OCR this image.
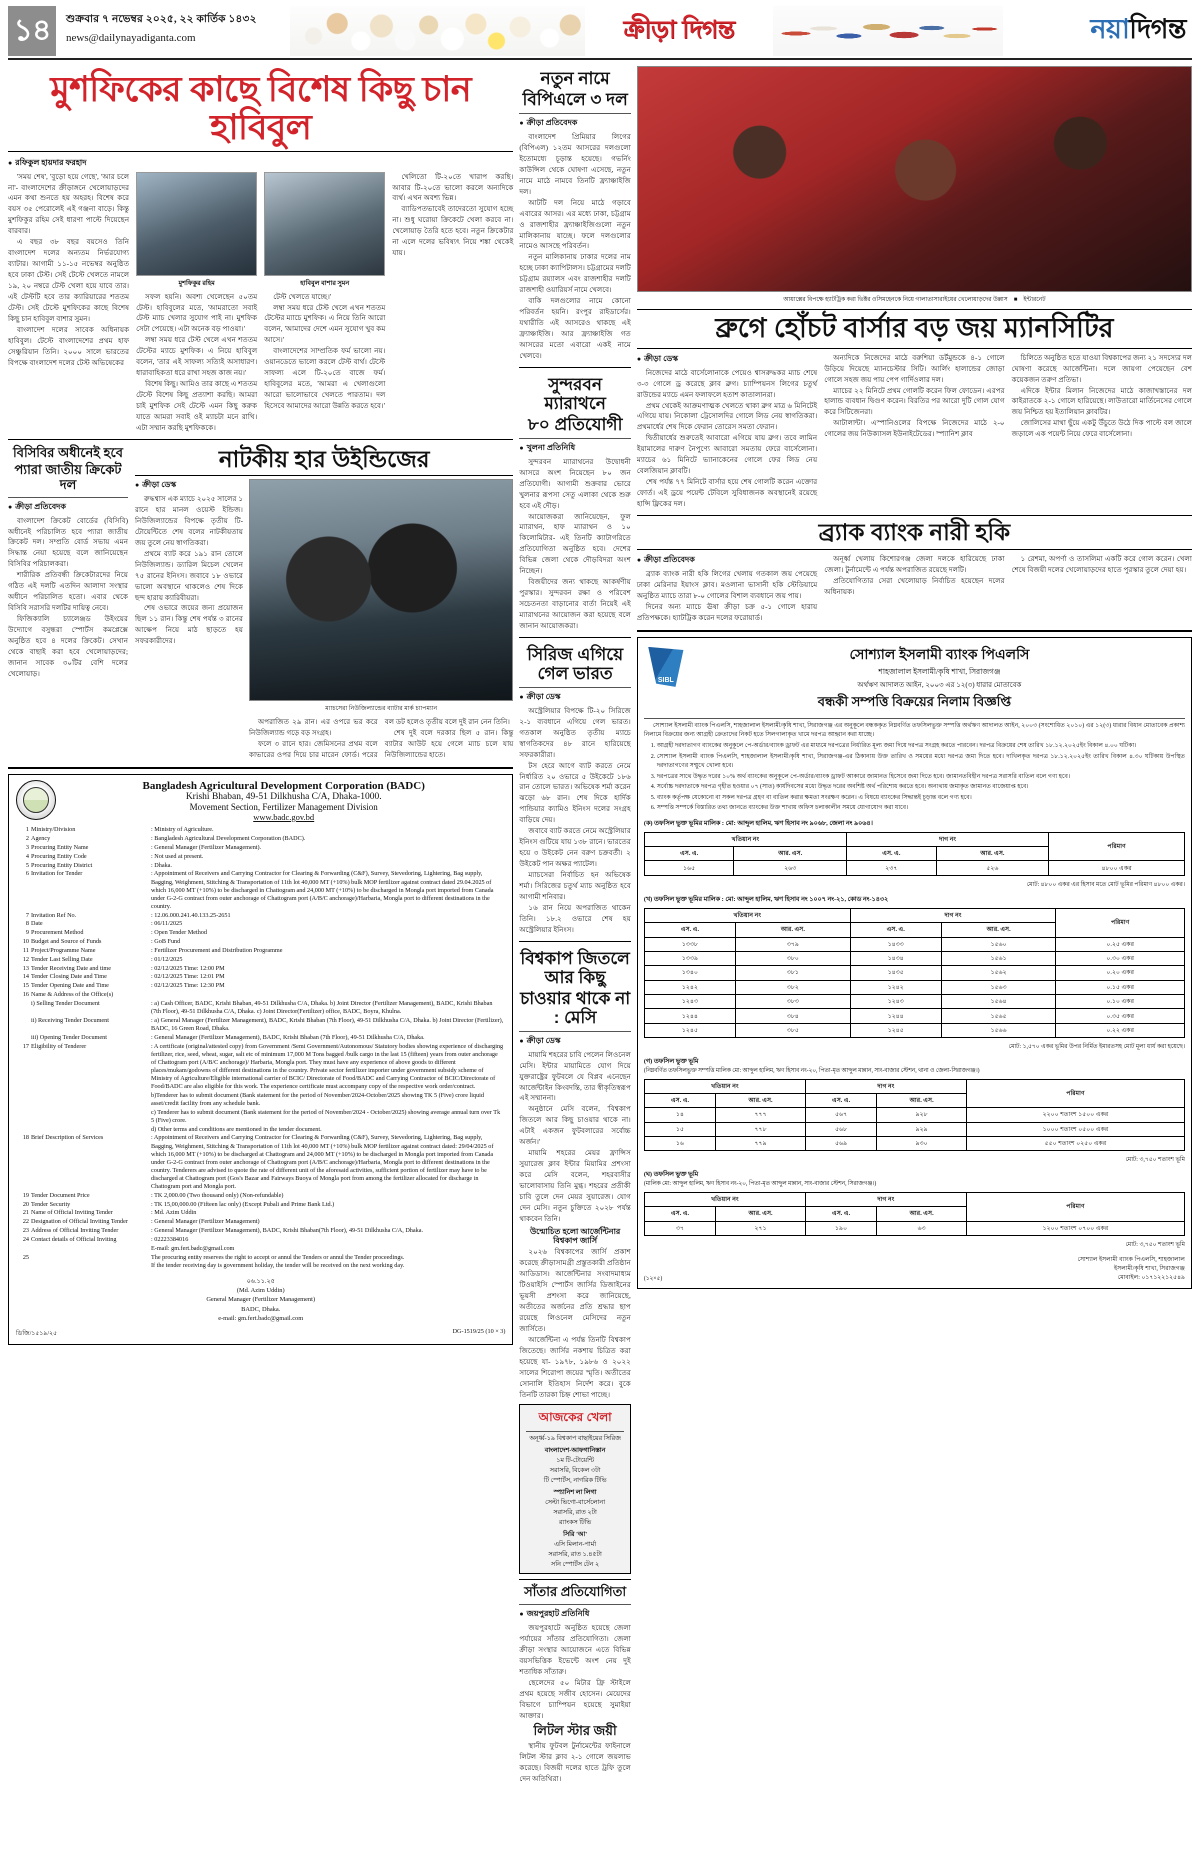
১৪	শুক্রবার ৭ নভেম্বর ২০২৫, ২২ কার্তিক ১৪৩২
news@dailynayadiganta.com	ক্রীড়া দিগন্ত	নয়া দিগন্ত
মুশফিকের কাছে বিশেষ কিছু চান হাবিবুল
● রফিকুল হায়দার ফরহাদ

'সময় শেষ', 'বুড়ো হয়ে গেছে', 'আর চলে না'- বাংলাদেশের ক্রীড়াঙ্গনে খেলোয়াড়দের এমন কথা শুনতে হয় অহরহ। বিশেষ করে বয়স ৩৫ পেরোলেই এই গঞ্জনা বাড়ে। কিন্তু মুশফিকুর রহিম সেই ধারণা পাল্টে দিয়েছেন বারবার।

এ বছর ৩৮ বছর বয়সেও তিনি বাংলাদেশ দলের অন্যতম নির্ভরযোগ্য ব্যাটার। আগামী ১১-১৫ নভেম্বর অনুষ্ঠিত হবে ঢাকা টেস্ট। সেই টেস্টে খেলতে নামলে ১৯, ২০ নম্বরে টেস্ট খেলা হয়ে যাবে তার। এই টেস্টটি হবে তার ক্যারিয়ারের শততম টেস্ট। সেই টেস্টে মুশফিকের কাছে বিশেষ কিছু চান হাবিবুল বাশার সুমন।

বাংলাদেশ দলের সাবেক অধিনায়ক হাবিবুল। টেস্টে বাংলাদেশের প্রথম হাফ সেঞ্চুরিয়ান তিনি। ২০০০ সালে ভারতের বিপক্ষে বাংলাদেশ দলের টেস্ট অভিষেকের

মুশফিকুর রহিম

সফল হয়নি। অবশ্য খেলেছেন ৫০তম টেস্ট। হাবিবুলের মতে, 'আমরাতো সবাই টেস্ট ম্যাচ খেলার সুযোগ পাই না। মুশফিক সেটা পেয়েছে। এটা অনেক বড় পাওয়া।'

লম্বা সময় ধরে টেস্ট খেলে এখন শততম টেস্টের ম্যাচে মুশফিক। এ নিয়ে হাবিবুল বলেন, 'তার এই সাফল্য সত্যিই অসাধারণ। ধারাবাহিকতা ধরে রাখা সহজ কাজ নয়।'

বিশেষ কিছু। আমিও তার কাছে এ শততম টেস্টে বিশেষ কিছু প্রত্যাশা করছি। আমরা চাই মুশফিক সেই টেস্টে এমন কিছু করুক যাতে আমরা সবাই ওই ম্যাচটা মনে রাখি। এটা সম্মান করছি মুশফিককে।

হাবিবুল বাশার সুমন

টেস্ট খেলতে যাচ্ছে।'

লম্বা সময় ধরে টেস্ট খেলে এখন শততম টেস্টের ম্যাচে মুশফিক। এ নিয়ে তিনি আরো বলেন, 'আমাদের দেশে এমন সুযোগ খুব কম আসে।'

বাংলাদেশের সাম্প্রতিক ফর্ম ভালো নয়। ওয়ানডেতে ভালো করলে টেস্ট বার্থ। টেস্টে সাফল্য এলে টি-২০তে বাজে ফর্ম। হাবিবুলের মতে, 'আমরা এ খেলাগুলো আরো ভালোভাবে খেলতে পারতাম। দল হিসেবে আমাদের আরো উন্নতি করতে হবে।'

খেলিতো টি-২০তে খারাপ করছি। আবার টি-২০তে ভালো করলে অন্যদিকে ব্যর্থ। এখন অবশ্য ভিন্ন।

ব্যাডিপতভাবেই তাদেরতো সুযোগ হচ্ছে না। শুধু ঘরোয়া ক্রিকেটে খেলা করবে না। খেলোয়াড় তৈরি হতে হবে। নতুন ক্রিকেটার না এলে দলের ভবিষ্যৎ নিয়ে শঙ্কা থেকেই যায়।

বিসিবির অধীনেই হবে
প্যারা জাতীয় ক্রিকেট দল
● ক্রীড়া প্রতিবেদক

বাংলাদেশ ক্রিকেট বোর্ডের (বিসিবি) অধীনেই পরিচালিত হবে প্যারা জাতীয় ক্রিকেট দল। সম্প্রতি বোর্ড সভায় এমন সিদ্ধান্ত নেয়া হয়েছে বলে জানিয়েছেন বিসিবির পরিচালকরা।

শারীরিক প্রতিবন্ধী ক্রিকেটারদের নিয়ে গঠিত এই দলটি এতদিন আলাদা সংস্থার অধীনে পরিচালিত হতো। এবার থেকে বিসিবি সরাসরি দলটির দায়িত্ব নেবে।

ফিজিক্যালি চ্যালেঞ্জড উইংয়ের উদ্যোগে বসুন্ধরা স্পোর্টস কমপ্লেক্সে অনুষ্ঠিত হবে ৪ দলের ক্রিকেট। সেখান থেকে বাছাই করা হবে খেলোয়াড়দের; জানান সাবেক ৩০টির বেশি দলের খেলোয়াড়।

নাটকীয় হার উইন্ডিজের
● ক্রীড়া ডেস্ক

রুদ্ধশ্বাস এক ম্যাচে ২০২৫ সালের ১ রানে হার মানল ওয়েস্ট ইন্ডিজ। নিউজিল্যান্ডের বিপক্ষে তৃতীয় টি-টোয়েন্টিতে শেষ বলের নাটকীয়তায় জয় তুলে নেয় স্বাগতিকরা।

প্রথমে ব্যাট করে ১৯১ রান তোলে নিউজিল্যান্ড। ড্যারিল মিচেল খেলেন ৭৫ রানের ইনিংস। জবাবে ১৮ ওভারে ভালো অবস্থানে থাকলেও শেষ দিকে ছন্দ হারায় ক্যারিবীয়রা।

শেষ ওভারে জয়ের জন্য প্রয়োজন ছিল ১১ রান। কিন্তু শেষ পর্যন্ত ৩ রানের আক্ষেপ নিয়ে মাঠ ছাড়তে হয় সফরকারীদের।

ম্যাচসেরা নিউজিল্যান্ডের ব্যাটার মার্ক চ্যাপম্যান

অপরাজিত ২৯ রান। এর ওপরে ভর করে নিউজিল্যান্ড গড়ে বড় সংগ্রহ।

ফলে ৩ রানে হার। জেমিসনের প্রথম বলে কাভারের ওপর দিয়ে চার মারেন ফোর্ড। পরের বল ডট হলেও তৃতীয় বলে দুই রান নেন তিনি।

শেষ দুই বলে দরকার ছিল ৫ রান। কিন্তু ব্যাটার আউট হয়ে গেলে ম্যাচ চলে যায় নিউজিল্যান্ডের হাতে।

Bangladesh Agricultural Development Corporation (BADC)
Krishi Bhaban, 49-51 Dilkhusha C/A, Dhaka-1000.
Movement Section, Fertilizer Management Division
www.badc.gov.bd
1	Ministry/Division	: Ministry of Agriculture.
2	Agency	: Bangladesh Agricultural Development Corporation (BADC).
3	Procuring Entity Name	: General Manager (Fertilizer Management).
4	Procuring Entity Code	: Not used at present.
5	Procuring Entity District	: Dhaka.
6	Invitation for Tender	: Appointment of Receivers and Carrying Contractor for Clearing & Forwarding (C&F), Survey, Stevedoring, Lightering, Bag supply, Bagging, Weighment, Stitching & Transportation of 11th lot 40,000 MT (+10%) bulk MOP fertilizer against contract dated 29.04.2025 of which 16,000 MT (+10%) to be discharged in Chattogram and 24,000 MT (+10%) to be discharged in Mongla port imported from Canada under G-2-G contract from outer anchorage of Chattogram port (A/B/C anchorage)/Harbaria, Mongla port to different destinations in the country.
7	Invitation Ref No.	: 12.06.000.241.40.133.25-2651
8	Date	: 06/11/2025
9	Procurement Method	: Open Tender Method
10	Budget and Source of Funds	: GoB Fund
11	Project/Programme Name	: Fertilizer Procurement and Distribution Programme
12	Tender Last Selling Date	: 01/12/2025
13	Tender Receiving Date and time	: 02/12/2025 Time: 12:00 PM
14	Tender Closing Date and Time	: 02/12/2025 Time: 12:01 PM
15	Tender Opening Date and Time	: 02/12/2025 Time: 12:30 PM
16	Name & Address of the Office(s)	
	i) Selling Tender Document	: a) Cash Officer, BADC, Krishi Bhaban, 49-51 Dilkhusha C/A, Dhaka. b) Joint Director (Fertilizer Management), BADC, Krishi Bhaban (7th Floor), 49-51 Dilkhusha C/A, Dhaka. c) Joint Director(Fertilizer) office, BADC, Boyra, Khulna.
	ii) Receiving Tender Document	: a) General Manager (Fertilizer Management), BADC, Krishi Bhaban (7th Floor), 49-51 Dilkhusha C/A, Dhaka. b) Joint Director (Fertilizer), BADC, 16 Green Road, Dhaka.
	iii) Opening Tender Document	: General Manager (Fertilizer Management), BADC, Krishi Bhaban (7th Floor), 49-51 Dilkhusha C/A, Dhaka.
17	Eligibility of Tenderer	: A certificate (original/attested copy) from Government /Semi Government/Autonomous/ Statutory bodies showing experience of discharging fertilizer, rice, seed, wheat, sugar, salt etc of minimum 17,000 M Tons bagged /bulk cargo in the last 15 (fifteen) years from outer anchorage of Chattogram port (A/B/C anchorage)/ Harbaria, Mongla port. They must have any experience of above goods to different places/mukam/godowns of different destinations in the country. Private sector fertilizer importer under government subsidy scheme of Ministry of Agriculture/Eligible international carrier of BCIC/ Directorate of Food/BADC and Carrying Contractor of BCIC/Directorate of Food/BADC are also eligible for this work. The experience certificate must accompany copy of the respective work order/contract.
		b)Tenderer has to submit document (Bank statement for the period of November/2024-October/2025 showing TK 5 (Five) crore liquid asset/credit facility from any schedule bank.
		c) Tenderer has to submit document (Bank statement for the period of November/2024 - October/2025) showing average annual turn over Tk 5 (Five) crore.
		d) Other terms and conditions are mentioned in the tender document.
18	Brief Description of Services	: Appointment of Receivers and Carrying Contractor for Clearing & Forwarding (C&F), Survey, Stevedoring, Lightering, Bag supply, Bagging, Weighment, Stitching & Transportation of 11th lot 40,000 MT (+10%) bulk MOP fertilizer against contract dated: 29/04/2025 of which 16,000 MT (+10%) to be discharged at Chattogram and 24,000 MT (+10%) to be discharged in Mongla port imported from Canada under G-2-G contract from outer anchorage of Chattogram port (A/B/C anchorage)/Harbaria, Mongla port to different destinations in the country. Tenderers are advised to quote the rate of different unit of the aforesaid activities, sufficient portion of fertilizer may have to be discharged at Chattogram port (Gos's Bazar and Fairways Buoya of Mongla port from among the fertilizer allocated for discharge in Chattogram port and Mongla port.
19	Tender Document Price	: TK 2,000.00 (Two thousand only) (Non-refundable)
20	Tender Security	: TK 15,00,000.00 (Fifteen lac only) (Except Pubali and Prime Bank Ltd.)
21	Name of Official Inviting Tender	: Md. Azim Uddin
22	Designation of Official Inviting Tender	: General Manager (Fertilizer Management)
23	Address of Official Inviting Tender	: General Manager (Fertilizer Management), BADC, Krishi Bhaban(7th Floor), 49-51 Dilkhusha C/A, Dhaka.
24	Contact details of Official Inviting	: 02223384016
		E-mail: gm.fert.badc@gmail.com
25		The procuring entity reserves the right to accept or annul the Tenders or annul the Tender proceedings.
		If the tender receiving day is government holiday, the tender will be received on the next working day.
০৬.১১.২৫
(Md. Azim Uddin)
General Manager (Fertilizer Management)
BADC, Dhaka.
e-mail: gm.fert.badc@gmail.com
ডিজি/১৫১৯/২৫	DG-1519/25 (10 × 3)
নতুন নামে
বিপিএলে ৩ দল
● ক্রীড়া প্রতিবেদক

বাংলাদেশ প্রিমিয়ার লিগের (বিপিএল) ১২তম আসরের দলগুলো ইতোমধ্যে চূড়ান্ত হয়েছে। গভর্নিং কাউন্সিল থেকে ঘোষণা এসেছে, নতুন নামে মাঠে নামবে তিনটি ফ্র্যাঞ্চাইজি দল।

আটটি দল নিয়ে মাঠে গড়াবে এবারের আসর। এর মধ্যে ঢাকা, চট্টগ্রাম ও রাজশাহীর ফ্র্যাঞ্চাইজিগুলো নতুন মালিকানায় যাচ্ছে। ফলে দলগুলোর নামেও আসছে পরিবর্তন।

নতুন মালিকানায় ঢাকার দলের নাম হচ্ছে ঢাকা ক্যাপিটালস। চট্টগ্রামের দলটি চট্টগ্রাম রয়্যালস এবং রাজশাহীর দলটি রাজশাহী ওয়ারিয়র্স নামে খেলবে।

বাকি দলগুলোর নামে কোনো পরিবর্তন হয়নি। রংপুর রাইডার্সের। যথারীতি এই আসরেও থাকছে এই ফ্র্যাঞ্চাইজি। আর ফ্র্যাঞ্চাইজি গত আসরের মতো এবারো একই নামে খেলবে।

সুন্দরবন ম্যারাথনে
৮০ প্রতিযোগী
● খুলনা প্রতিনিধি

সুন্দরবন ম্যারাথনের উদ্বোধনী আসরে অংশ নিয়েছেন ৮০ জন প্রতিযোগী। আগামী শুক্রবার ভোরে খুলনার রূপসা সেতু এলাকা থেকে শুরু হবে এই দৌড়।

আয়োজকরা জানিয়েছেন, ফুল ম্যারাথন, হাফ ম্যারাথন ও ১০ কিলোমিটার- এই তিনটি ক্যাটাগরিতে প্রতিযোগিতা অনুষ্ঠিত হবে। দেশের বিভিন্ন জেলা থেকে দৌড়বিদরা অংশ নিচ্ছেন।

বিজয়ীদের জন্য থাকছে আকর্ষণীয় পুরস্কার। সুন্দরবন রক্ষা ও পরিবেশ সচেতনতা বাড়ানোর বার্তা নিয়েই এই ম্যারাথনের আয়োজন করা হয়েছে বলে জানান আয়োজকরা।

সিরিজ এগিয়ে গেল ভারত
● ক্রীড়া ডেস্ক

অস্ট্রেলিয়ার বিপক্ষে টি-২০ সিরিজে ২-১ ব্যবধানে এগিয়ে গেল ভারত। গতকাল অনুষ্ঠিত তৃতীয় ম্যাচে স্বাগতিকদের ৪৮ রানে হারিয়েছে সফরকারীরা।

টস হেরে আগে ব্যাট করতে নেমে নির্ধারিত ২০ ওভারে ৫ উইকেটে ১৮৬ রান তোলে ভারত। অভিষেক শর্মা করেন ঝড়ো ৬৮ রান। শেষ দিকে হার্দিক পান্ডিয়ার ক্যামিও ইনিংস দলের সংগ্রহ বাড়িয়ে দেয়।

জবাবে ব্যাট করতে নেমে অস্ট্রেলিয়ার ইনিংস গুটিয়ে যায় ১৩৮ রানে। ভারতের হয়ে ৩ উইকেট নেন বরুণ চক্রবর্তী। ২ উইকেট পান অক্ষর প্যাটেল।

ম্যাচসেরা নির্বাচিত হন অভিষেক শর্মা। সিরিজের চতুর্থ ম্যাচ অনুষ্ঠিত হবে আগামী শনিবার।

১৬ রান নিয়ে অপরাজিত থাকেন তিনি। ১৮.২ ওভারে শেষ হয় অস্ট্রেলিয়ার ইনিংস।

বিশ্বকাপ জিতলে আর কিছু
চাওয়ার থাকে না : মেসি
● ক্রীড়া ডেস্ক

মায়ামি শহরের চাবি পেলেন লিওনেল মেসি। ইন্টার মায়ামিতে যোগ দিয়ে যুক্তরাষ্ট্রের ফুটবলে যে বিপ্লব এনেছেন আর্জেন্টাইন কিংবদন্তি, তার স্বীকৃতিস্বরূপ এই সম্মাননা।

অনুষ্ঠানে মেসি বলেন, 'বিশ্বকাপ জিতলে আর কিছু চাওয়ার থাকে না। এটাই একজন ফুটবলারের সর্বোচ্চ অর্জন।'

মায়ামি শহরের মেয়র ফ্রান্সিস সুয়ারেজ ক্লাব ইন্টার মিয়ামির প্রশংসা করে মেসি বলেন, শহরবাসীর ভালোবাসায় তিনি মুগ্ধ। শহরের প্রতীকী চাবি তুলে দেন মেয়র সুয়ারেজ। যোগ দেন মেসি। নতুন চুক্তিতে ২০২৮ পর্যন্ত থাকবেন তিনি।

উন্মোচিত হলো আর্জেন্টিনার বিশ্বকাপ জার্সি

২০২৬ বিশ্বকাপের জার্সি প্রকাশ করেছে ক্রীড়াসামগ্রী প্রস্তুতকারী প্রতিষ্ঠান আডিডাস। আর্জেন্টিনার সংবাদমাধ্যম টিওয়াইসি স্পোর্টস জার্সির ডিজাইনের ভূয়সী প্রশংসা করে জানিয়েছে, অতীতের অর্জনের প্রতি শ্রদ্ধার ছাপ রয়েছে লিওনেল মেসিদের নতুন জার্সিতে।

আর্জেন্টিনা এ পর্যন্ত তিনটি বিশ্বকাপ জিতেছে। জার্সির নকশায় চিত্রিত করা হয়েছে যা- ১৯৭৮, ১৯৮৬ ও ২০২২ সালের শিরোপা জয়ের স্মৃতি। অতীতের সোনালি ইতিহাস নির্দেশ করে। বুকে তিনটি তারকা চিহ্ন শোভা পাচ্ছে।

আজকের খেলা
অনূর্ধ্ব-১৯ বিশ্বকাপ বাছাইয়ের সিরিজ
বাংলাদেশ-আফগানিস্তান
১ম টি-টোয়েন্টি
সরাসরি, বিকেল ৩টা
টি স্পোর্টস, নাগরিক টিভি
স্প্যানিশ লা লিগা
সেল্টা ভিগো-বার্সেলোনা
সরাসরি, রাত ২টা
র‍্যাংকস টিভি
সিরি 'আ'
এসি মিলান-পার্মা
সরাসরি, রাত ১.৪৫টা
সনি স্পোর্টস টেন ২
সাঁতার প্রতিযোগিতা
● জয়পুরহাট প্রতিনিধি

জয়পুরহাটে অনুষ্ঠিত হয়েছে জেলা পর্যায়ের সাঁতার প্রতিযোগিতা। জেলা ক্রীড়া সংস্থার আয়োজনে এতে বিভিন্ন বয়সভিত্তিক ইভেন্টে অংশ নেয় দুই শতাধিক সাঁতারু।

ছেলেদের ৫০ মিটার ফ্রি স্টাইলে প্রথম হয়েছে সজীব হোসেন। মেয়েদের বিভাগে চ্যাম্পিয়ন হয়েছে সুমাইয়া আক্তার।

লিটল স্টার জয়ী

স্থানীয় ফুটবল টুর্নামেন্টের ফাইনালে লিটল স্টার ক্লাব ২-১ গোলে জয়লাভ করেছে। বিজয়ী দলের হাতে ট্রফি তুলে দেন অতিথিরা।

আয়াক্সের বিপক্ষে হ্যাটট্রিক করা ভিক্টর ওসিমহেনকে নিয়ে গালাতাসারাইয়ের খেলোয়াড়দের উল্লাস ■ ইন্টারনেট
ব্রুগে হোঁচট বার্সার বড় জয় ম্যানসিটির
● ক্রীড়া ডেস্ক

নিজেদের মাঠে বার্সেলোনাকে পেয়েও শ্বাসরুদ্ধকর ম্যাচ শেষে ৩-৩ গোলে ড্র করেছে ক্লাব ব্রুগ। চ্যাম্পিয়নস লিগের চতুর্থ রাউন্ডের ম্যাচে এমন ফলাফলে হতাশ কাতালানরা।

প্রথম থেকেই আক্রমণাত্মক খেলতে থাকা ব্রুগ মাত্র ৬ মিনিটেই এগিয়ে যায়। নিকোলা ট্রেসোলদির গোলে লিড নেয় স্বাগতিকরা। প্রথমার্ধের শেষ দিকে ফেরান তোরেস সমতা ফেরান।

দ্বিতীয়ার্ধের শুরুতেই আবারো এগিয়ে যায় ব্রুগ। তবে লামিন ইয়ামালের দারুণ নৈপুণ্যে আবারো সমতায় ফেরে বার্সেলোনা। ম্যাচের ৬১ মিনিটে ভ্যানাকেনের গোলে ফের লিড নেয় বেলজিয়ান ক্লাবটি।

শেষ পর্যন্ত ৭৭ মিনিটে বার্সার হয়ে শেষ গোলটি করেন এক্তোর ফোর্ত। এই ড্রয়ে পয়েন্ট টেবিলে সুবিধাজনক অবস্থানেই রয়েছে হান্সি ফ্লিকের দল।

অন্যদিকে নিজেদের মাঠে বরুশিয়া ডর্টমুন্ডকে ৪-১ গোলে উড়িয়ে দিয়েছে ম্যানচেস্টার সিটি। আর্লিং হালান্ডের জোড়া গোলে সহজ জয় পায় পেপ গার্দিওলার দল।

ম্যাচের ২২ মিনিটে প্রথম গোলটি করেন ফিল ফোডেন। এরপর হালান্ড ব্যবধান দ্বিগুণ করেন। বিরতির পর আরো দুটি গোল যোগ করে সিটিজেনরা।

আটালান্টা। এস্পানিওলের বিপক্ষে নিজেদের মাঠে ২-০ গোলের জয় নিউক্যাসল ইউনাইটেডের। স্প্যানিশ ক্লাব

চিলিতে অনুষ্ঠিত হতে যাওয়া বিশ্বকাপের জন্য ২১ সদস্যের দল ঘোষণা করেছে আর্জেন্টিনা। দলে জায়গা পেয়েছেন বেশ কয়েকজন তরুণ প্রতিভা।

এদিকে ইন্টার মিলান নিজেদের মাঠে কাজাখস্তানের দল কাইরাতকে ২-১ গোলে হারিয়েছে। লাউতারো মার্তিনেসের গোলে জয় নিশ্চিত হয় ইতালিয়ান ক্লাবটির।

জোলিসের মাথা ছুঁয়ে একটু উঁচুতে উঠে দিক পাল্টে বল জালে জড়ালে এক পয়েন্ট নিয়ে ফেরে বার্সেলোনা।

ব্র্যাক ব্যাংক নারী হকি
● ক্রীড়া প্রতিবেদক

ব্র্যাক ব্যাংক নারী হকি লিগের খেলায় গতকাল জয় পেয়েছে ঢাকা মেরিনার ইয়াংস ক্লাব। মওলানা ভাসানী হকি স্টেডিয়ামে অনুষ্ঠিত ম্যাচে তারা ৮-০ গোলের বিশাল ব্যবধানে জয় পায়।

দিনের অন্য ম্যাচে ঊষা ক্রীড়া চক্র ৫-১ গোলে হারায় প্রতিপক্ষকে। হ্যাটট্রিক করেন দলের ফরোয়ার্ড।

অনূর্ধ্ব খেলায় কিশোরগঞ্জ জেলা দলকে হারিয়েছে ঢাকা জেলা। টুর্নামেন্টে এ পর্যন্ত অপরাজিত রয়েছে দলটি।

প্রতিযোগিতার সেরা খেলোয়াড় নির্বাচিত হয়েছেন দলের অধিনায়ক।

১ রেশমা, অপর্ণা ও তাসলিমা একটি করে গোল করেন। খেলা শেষে বিজয়ী দলের খেলোয়াড়দের হাতে পুরস্কার তুলে দেয়া হয়।

SIBL
সোশ্যাল ইসলামী ব্যাংক পিএলসি
শাহজালাল ইসলামী/কৃষি শাখা, সিরাজগঞ্জ
অর্থঋণ আদালত আইন, ২০০৩ এর ১২(৩) ধারার মোতাবেক
বন্ধকী সম্পত্তি বিক্রয়ের নিলাম বিজ্ঞপ্তি

সোশ্যাল ইসলামী ব্যাংক পিএলসি, শাহজালাল ইসলামী/কৃষি শাখা, সিরাজগঞ্জ এর অনুকূলে বন্ধককৃত নিম্নবর্ণিত তফসিলভুক্ত সম্পত্তি অর্থঋণ আদালত আইন, ২০০৩ (সংশোধিত ২০১০) এর ১২(৩) ধারার বিধান মোতাবেক প্রকাশ্য নিলামে বিক্রয়ের জন্য আগ্রহী ক্রেতাদের নিকট হতে সিলগালাকৃত খামে দরপত্র আহ্বান করা যাচ্ছে।

1. আগ্রহী দরদাতাগণ ব্যাংকের অনুকূলে পে-অর্ডার/ব্যাংক ড্রাফট এর মাধ্যমে দরপত্রের নির্ধারিত মূল্য জমা দিয়ে দরপত্র সংগ্রহ করতে পারবেন। দরপত্র বিক্রয়ের শেষ তারিখ ১৮.১২.২০২৫ইং বিকাল ৪.০০ ঘটিকা।
2. সোশ্যাল ইসলামী ব্যাংক পিএলসি, শাহজালাল ইসলামী/কৃষি শাখা, সিরাজগঞ্জ-এর ঠিকানায় উক্ত তারিখ ও সময়ের মধ্যে দরপত্র জমা দিতে হবে। দাখিলকৃত দরপত্র ১৮.১২.২০২৫ইং তারিখ বিকাল ৪.৩০ ঘটিকায় উপস্থিত দরদাতাগণের সম্মুখে খোলা হবে।
3. দরপত্রের সাথে উদ্ধৃত দরের ১০% অর্থ ব্যাংকের অনুকূলে পে-অর্ডার/ব্যাংক ড্রাফট আকারে জামানত হিসেবে জমা দিতে হবে। জামানতবিহীন দরপত্র সরাসরি বাতিল বলে গণ্য হবে।
4. সর্বোচ্চ দরদাতাকে দরপত্র গৃহীত হওয়ার ০৭ (সাত) কার্যদিবসের মধ্যে উদ্ধৃত দরের অবশিষ্ট অর্থ পরিশোধ করতে হবে। অন্যথায় জমাকৃত জামানত বাজেয়াপ্ত হবে।
5. ব্যাংক কর্তৃপক্ষ যেকোনো বা সকল দরপত্র গ্রহণ বা বাতিল করার ক্ষমতা সংরক্ষণ করেন। এ বিষয়ে ব্যাংকের সিদ্ধান্তই চূড়ান্ত বলে গণ্য হবে।
6. সম্পত্তি সম্পর্কে বিস্তারিত তথ্য জানতে ব্যাংকের উক্ত শাখায় অফিস চলাকালীন সময়ে যোগাযোগ করা যাবে।
(ক) তফসিল ভুক্ত ভূমির মালিক : মো: আব্দুল হালিম, ঋণ হিসাব নং ৯০৬৮, জেলা নং ৯০৬৪।
খতিয়ান নং		দাগ নং		পরিমাণ
এস. এ.	আর. এস.	এস. এ.	আর. এস.	
১৬৫	২৬৩	২৩৭	৫২৬	৪৮০০ একর
মোট: ৪৮০০ একর এর হিসাব মতে মোট ভূমির পরিমাণ ৪৮০০ একর।
(খ) তফসিল ভুক্ত ভূমির মালিক : মো: আব্দুল হালিম, ঋণ হিসাব নং ১০০৭ নং-২১, কোড নং-১৪৩২
খতিয়ান নং		দাগ নং		পরিমাণ
এস. এ.	আর. এস.	এস. এ.	আর. এস.	
১৩৩৮	৩৭৯	১৪৩৩	১৫৬০	০.২৫ একর
১৩৩৯	৩৮০	১৪৩৪	১৫৬১	০.৩০ একর
১৩৪০	৩৮১	১৪৩৫	১৫৬২	০.২০ একর
১২৪২	৩৮২	১২৪২	১৫৬৩	০.১৫ একর
১২৪৩	৩৮৩	১২৪৩	১৫৬৪	০.১০ একর
১২৪৪	৩৮৪	১২৪৪	১৫৬৫	০.৩৫ একর
১২৪৫	৩৮৫	১২৪৫	১৫৬৬	০.২২ একর
মোট: ১,৫৭০ একর ভূমির উপর নির্মিত ইমারতসহ মোট মূল্য ধার্য করা হয়েছে।
(গ) তফসিল ভুক্ত ভূমি
(নিম্নবর্ণিত তফসিলভুক্ত সম্পত্তি মালিক মো: আব্দুল হালিম, ঋণ হিসাব নং-২০, পিতা-মৃত আব্দুল মান্নান, সাং-বাজার স্টেশন, থানা ও জেলা-সিরাজগঞ্জ।)
খতিয়ান নং		দাগ নং		পরিমাণ
এস. এ.	আর. এস.	এস. এ.	আর. এস.	
১৪	৭৭৭	৫৬৭	৯২৮	২২০০ শতাংশ ১৫০০ একর
১৫	৭৭৮	৫৬৮	৯২৯	১০০০ শতাংশ ০৫০০ একর
১৬	৭৭৯	৫৬৯	৯৩০	৫৫০ শতাংশ ০২৫০ একর
মোট: ৩,৭৫০ শতাংশ ভূমি
(ঘ) তফসিল ভুক্ত ভূমি
(মালিক মো: আব্দুল হালিম, ঋণ হিসাব নং-২০, পিতা-মৃত আব্দুল মান্নান, সাং-বাজার স্টেশন, সিরাজগঞ্জ।)
খতিয়ান নং		দাগ নং		পরিমাণ
এস. এ.	আর. এস.	এস. এ.	আর. এস.	
৩৭	২৭১	১৯০	৬৩	১২০০ শতাংশ ০৭০০ একর
মোট: ৩,৭৫০ শতাংশ ভূমি
(১২×৫)
সোশ্যাল ইসলামী ব্যাংক পিএলসি, শাহজালাল
ইসলামী/কৃষি শাখা, সিরাজগঞ্জ
মোবাইল: ০১৭১২২১২৫৪৯
